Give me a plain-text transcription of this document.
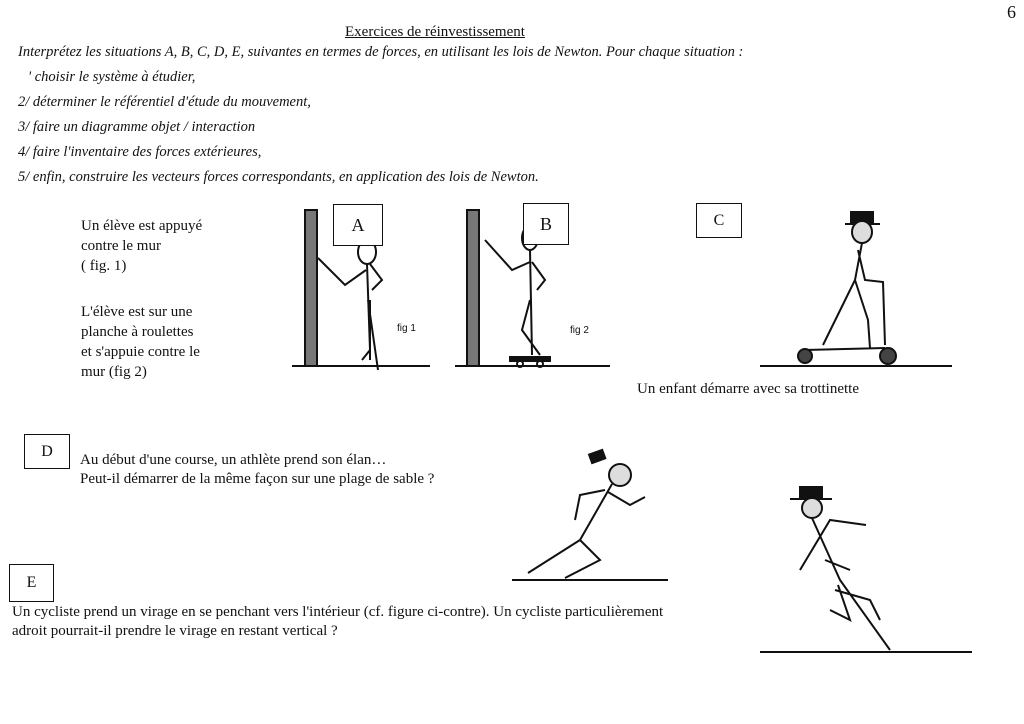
6
Exercices de réinvestissement
Interprétez les situations A, B, C, D, E, suivantes en termes de forces, en utilisant les lois de Newton. Pour chaque situation :
' choisir le système à étudier,
2/ déterminer le référentiel d'étude du mouvement,
3/ faire un diagramme objet / interaction
4/ faire l'inventaire des forces extérieures,
5/ enfin, construire les vecteurs forces correspondants, en application des lois de Newton.
Un élève est appuyé
contre le mur
( fig. 1)
L'élève est sur une
planche à roulettes
et s'appuie contre le
mur (fig 2)
A	B	C
fig 1	fig 2
Un enfant démarre avec sa trottinette
D	Au début d'une course, un athlète prend son élan…
Peut-il démarrer de la même façon sur une plage de sable ?
E
Un cycliste prend un virage en se penchant vers l'intérieur (cf. figure ci-contre). Un cycliste particulièrement
adroit pourrait-il prendre le virage en restant vertical ?
